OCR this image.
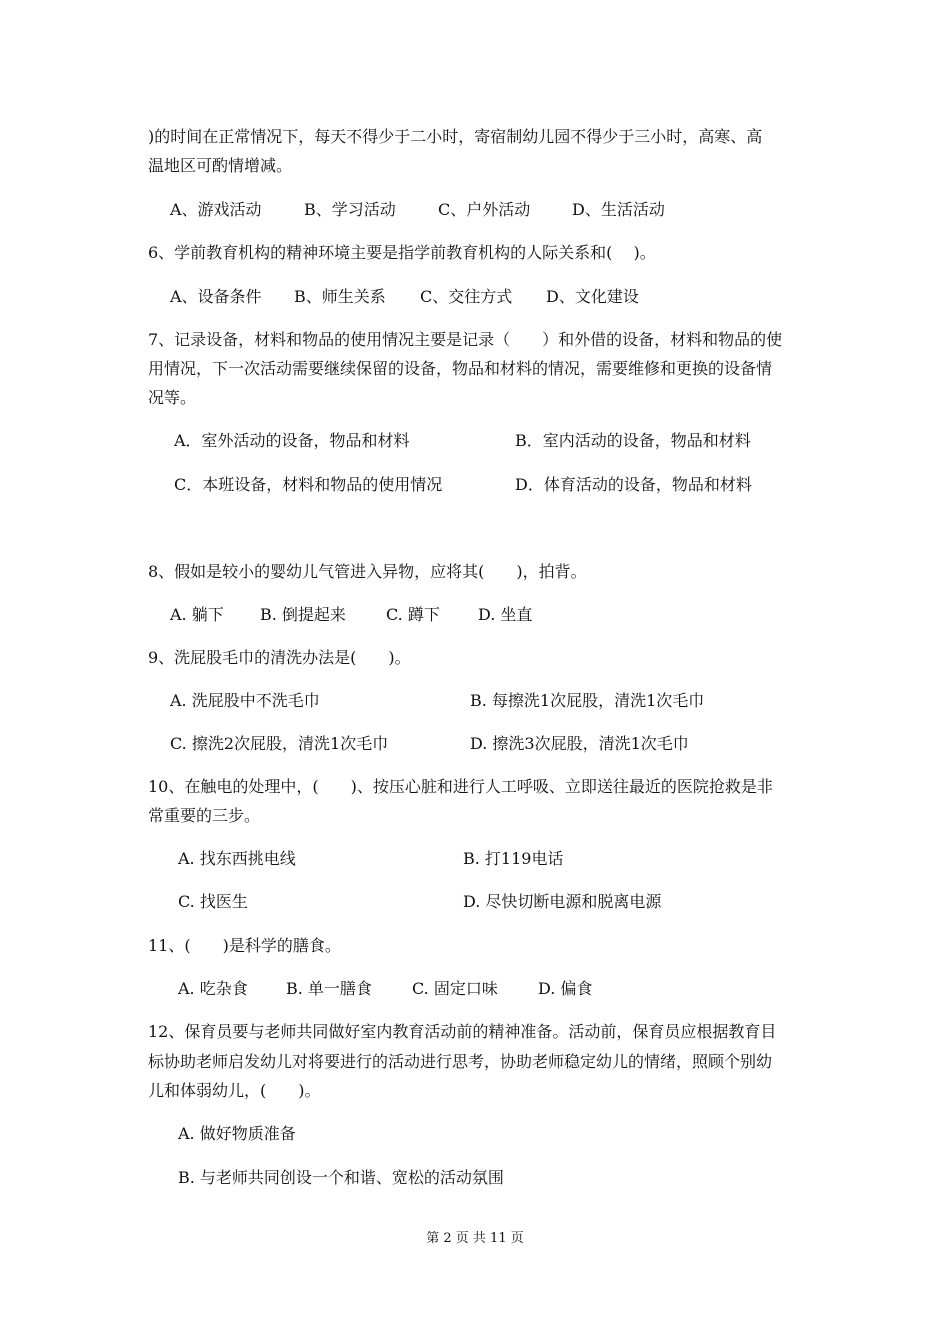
)的时间在正常情况下，每天不得少于二小时，寄宿制幼儿园不得少于三小时，高寒、高
温地区可酌情增减。
A、游戏活动	B、学习活动	C、户外活动	D、生活活动
6、学前教育机构的精神环境主要是指学前教育机构的人际关系和(　 )。
A、设备条件 B、师生关系 C、交往方式 D、文化建设
7、记录设备，材料和物品的使用情况主要是记录（　　）和外借的设备，材料和物品的使
用情况，下一次活动需要继续保留的设备，物品和材料的情况，需要维修和更换的设备情
况等。
A．室外活动的设备，物品和材料	B．室内活动的设备，物品和材料
C．本班设备，材料和物品的使用情况	D．体育活动的设备，物品和材料
8、假如是较小的婴幼儿气管进入异物，应将其(　　)，拍背。
A. 躺下 B. 倒提起来	C. 蹲下 D. 坐直
9、洗屁股毛巾的清洗办法是(　　)。
A. 洗屁股中不洗毛巾	B. 每擦洗1次屁股，清洗1次毛巾
C. 擦洗2次屁股，清洗1次毛巾	D. 擦洗3次屁股，清洗1次毛巾
10、在触电的处理中，(　　)、按压心脏和进行人工呼吸、立即送往最近的医院抢救是非
常重要的三步。
A. 找东西挑电线	B. 打119电话
C. 找医生	D. 尽快切断电源和脱离电源
11、(　　)是科学的膳食。
A. 吃杂食 B. 单一膳食	C. 固定口味	D. 偏食
12、保育员要与老师共同做好室内教育活动前的精神准备。活动前，保育员应根据教育目
标协助老师启发幼儿对将要进行的活动进行思考，协助老师稳定幼儿的情绪，照顾个别幼
儿和体弱幼儿，(　　)。
A. 做好物质准备
B. 与老师共同创设一个和谐、宽松的活动氛围
第 2 页 共 11 页
